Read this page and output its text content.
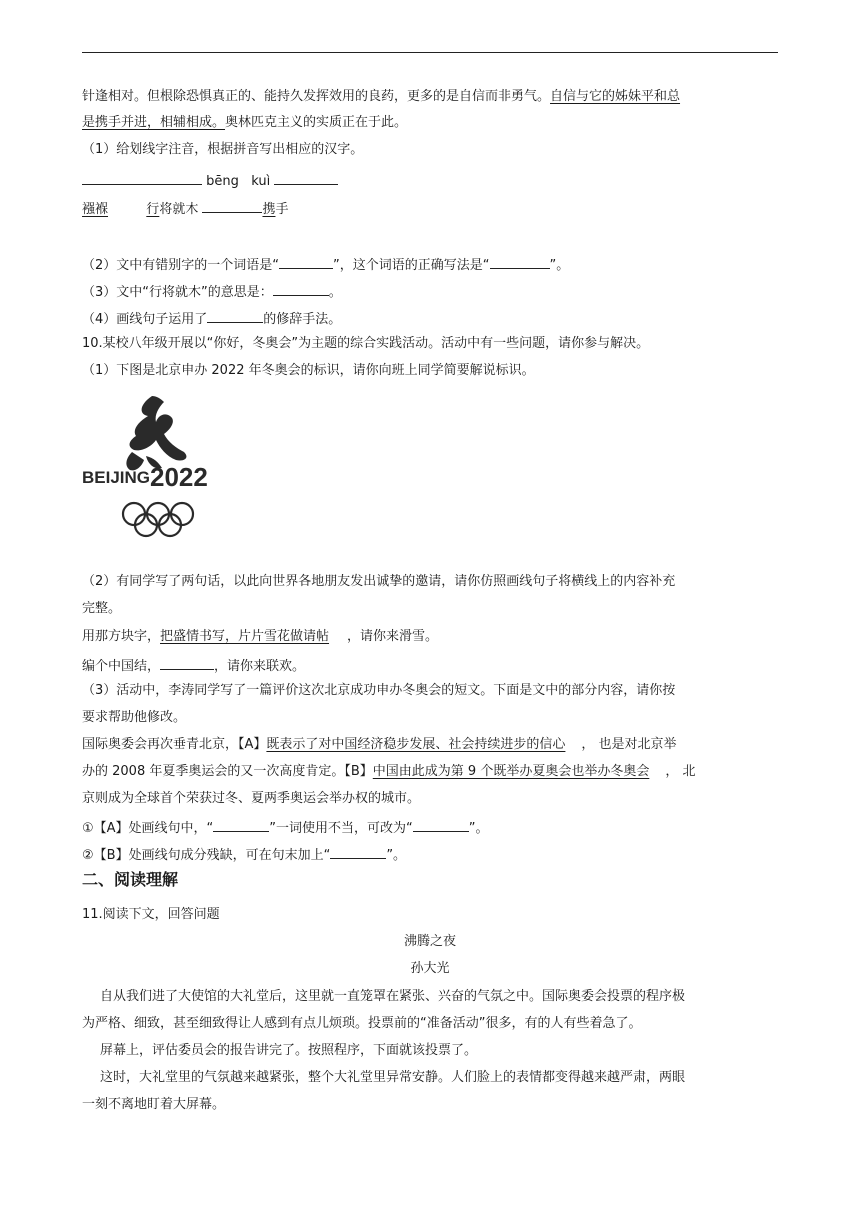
针逢相对。但根除恐惧真正的、能持久发挥效用的良药，更多的是自信而非勇气。自信与它的姊妹平和总
是携手并进，相辅相成。奥林匹克主义的实质正在于此。
（1）给划线字注音，根据拼音写出相应的汉字。
bēng kuì
襁褓	行将就木	携手
（2）文中有错别字的一个词语是“	”，这个词语的正确写法是“	”。
（3）文中“行将就木”的意思是：	。
（4）画线句子运用了	的修辞手法。
10.某校八年级开展以“你好，冬奥会”为主题的综合实践活动。活动中有一些问题，请你参与解决。
（1）下图是北京申办 2022 年冬奥会的标识，请你向班上同学简要解说标识。
BEIJING 2022
（2）有同学写了两句话，以此向世界各地朋友发出诚挚的邀请，请你仿照画线句子将横线上的内容补充
完整。
用那方块字，把盛情书写，片片雪花做请帖 ，请你来滑雪。
编个中国结，	，请你来联欢。
（3）活动中，李涛同学写了一篇评价这次北京成功申办冬奥会的短文。下面是文中的部分内容，请你按
要求帮助他修改。
国际奥委会再次垂青北京，【A】既表示了对中国经济稳步发展、社会持续进步的信心 ， 也是对北京举
办的 2008 年夏季奥运会的又一次高度肯定。【B】中国由此成为第 9 个既举办夏奥会也举办冬奥会 ， 北
京则成为全球首个荣获过冬、夏两季奥运会举办权的城市。
①【A】处画线句中，“	”一词使用不当，可改为“	”。
②【B】处画线句成分残缺，可在句末加上“	”。
二、阅读理解
11.阅读下文，回答问题
沸腾之夜
孙大光
自从我们进了大使馆的大礼堂后，这里就一直笼罩在紧张、兴奋的气氛之中。国际奥委会投票的程序极
为严格、细致，甚至细致得让人感到有点儿烦琐。投票前的“准备活动”很多，有的人有些着急了。
屏幕上，评估委员会的报告讲完了。按照程序，下面就该投票了。
这时，大礼堂里的气氛越来越紧张，整个大礼堂里异常安静。人们脸上的表情都变得越来越严肃，两眼
一刻不离地盯着大屏幕。
